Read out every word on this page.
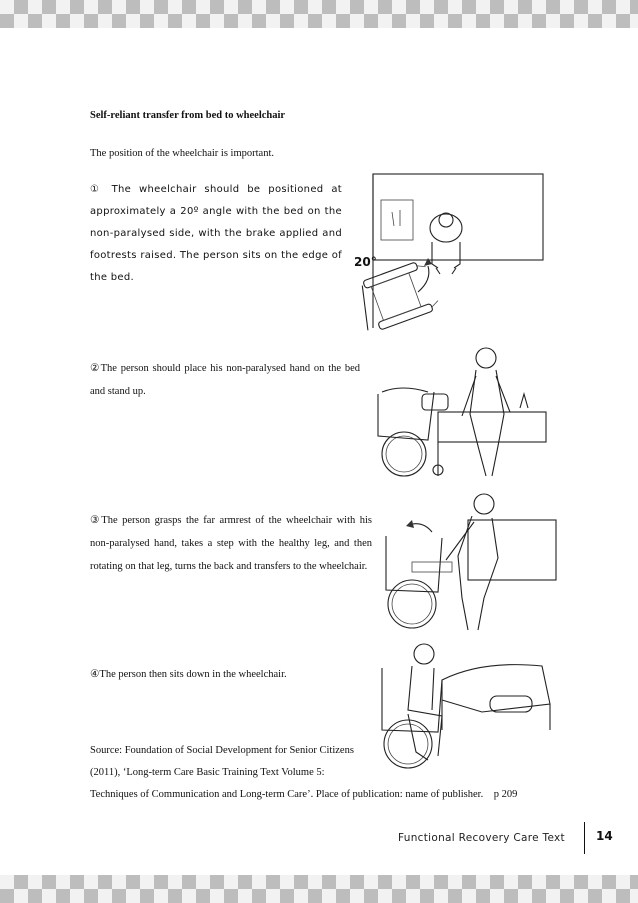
Self-reliant transfer from bed to wheelchair
The position of the wheelchair is important.
① The wheelchair should be positioned at approximately a 20º angle with the bed on the non-paralysed side, with the brake applied and footrests raised. The person sits on the edge of the bed.
②The person should place his non-paralysed hand on the bed and stand up.
③The person grasps the far armrest of the wheelchair with his non-paralysed hand, takes a step with the healthy leg, and then rotating on that leg, turns the back and transfers to the wheelchair.
④The person then sits down in the wheelchair.
20°
Source: Foundation of Social Development for Senior Citizens
(2011), ‘Long-term Care Basic Training Text Volume 5:
Techniques of Communication and Long-term Care’. Place of publication: name of publisher. p 209
Functional Recovery Care Text	14
